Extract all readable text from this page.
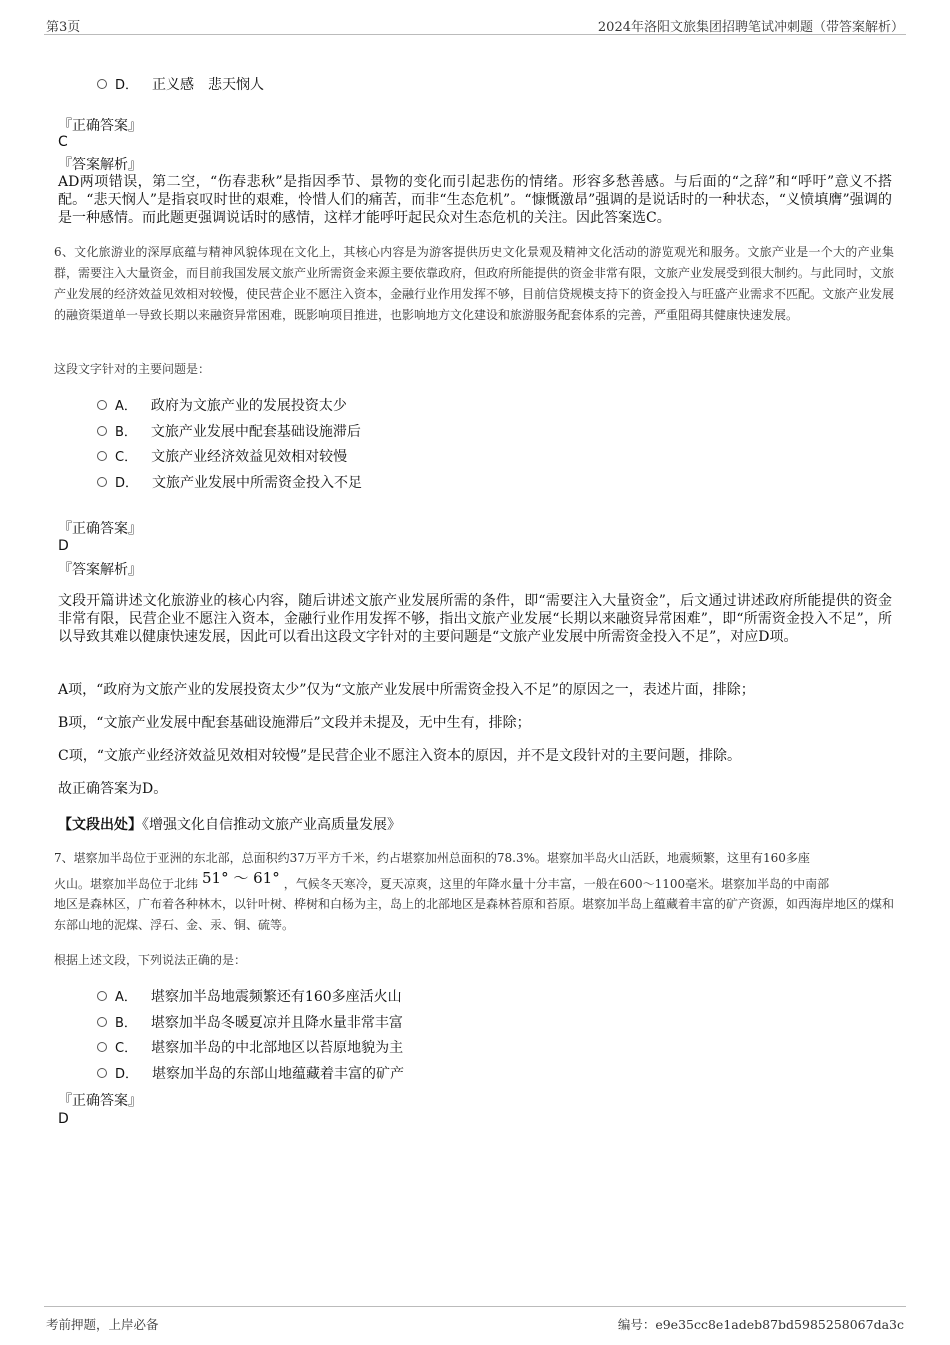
第3页	2024年洛阳文旅集团招聘笔试冲刺题（带答案解析）
D． 正义感　悲天悯人
『正确答案』
C
『答案解析』
AD两项错误，第二空，“伤春悲秋”是指因季节、景物的变化而引起悲伤的情绪。形容多愁善感。与后面的“之辞”和“呼吁”意义不搭配。“悲天悯人”是指哀叹时世的艰难，怜惜人们的痛苦，而非“生态危机”。“慷慨激昂”强调的是说话时的一种状态，“义愤填膺”强调的是一种感情。而此题更强调说话时的感情，这样才能呼吁起民众对生态危机的关注。因此答案选C。
6、文化旅游业的深厚底蕴与精神风貌体现在文化上，其核心内容是为游客提供历史文化景观及精神文化活动的游览观光和服务。文旅产业是一个大的产业集群，需要注入大量资金，而目前我国发展文旅产业所需资金来源主要依靠政府，但政府所能提供的资金非常有限，文旅产业发展受到很大制约。与此同时，文旅产业发展的经济效益见效相对较慢，使民营企业不愿注入资本，金融行业作用发挥不够，目前信贷规模支持下的资金投入与旺盛产业需求不匹配。文旅产业发展的融资渠道单一导致长期以来融资异常困难，既影响项目推进，也影响地方文化建设和旅游服务配套体系的完善，严重阻碍其健康快速发展。
这段文字针对的主要问题是：
A． 政府为文旅产业的发展投资太少
B． 文旅产业发展中配套基础设施滞后
C． 文旅产业经济效益见效相对较慢
D． 文旅产业发展中所需资金投入不足
『正确答案』
D
『答案解析』
文段开篇讲述文化旅游业的核心内容，随后讲述文旅产业发展所需的条件，即“需要注入大量资金”，后文通过讲述政府所能提供的资金非常有限，民营企业不愿注入资本，金融行业作用发挥不够，指出文旅产业发展“长期以来融资异常困难”，即“所需资金投入不足”，所以导致其难以健康快速发展，因此可以看出这段文字针对的主要问题是“文旅产业发展中所需资金投入不足”，对应D项。
A项，“政府为文旅产业的发展投资太少”仅为“文旅产业发展中所需资金投入不足”的原因之一，表述片面，排除；
B项，“文旅产业发展中配套基础设施滞后”文段并未提及，无中生有，排除；
C项，“文旅产业经济效益见效相对较慢”是民营企业不愿注入资本的原因，并不是文段针对的主要问题，排除。
故正确答案为D。
【文段出处】《增强文化自信推动文旅产业高质量发展》
7、堪察加半岛位于亚洲的东北部，总面积约37万平方千米，约占堪察加州总面积的78.3%。堪察加半岛火山活跃，地震频繁，这里有160多座
火山。堪察加半岛位于北纬 51° ～ 61° ，气候冬天寒冷，夏天凉爽，这里的年降水量十分丰富，一般在600～1100毫米。堪察加半岛的中南部
地区是森林区，广布着各种林木，以针叶树、桦树和白杨为主，岛上的北部地区是森林苔原和苔原。堪察加半岛上蕴藏着丰富的矿产资源，如西海岸地区的煤和东部山地的泥煤、浮石、金、汞、铜、硫等。
根据上述文段，下列说法正确的是：
A． 堪察加半岛地震频繁还有160多座活火山
B． 堪察加半岛冬暖夏凉并且降水量非常丰富
C． 堪察加半岛的中北部地区以苔原地貌为主
D． 堪察加半岛的东部山地蕴藏着丰富的矿产
『正确答案』
D
考前押题，上岸必备	编号：e9e35cc8e1adeb87bd5985258067da3c
